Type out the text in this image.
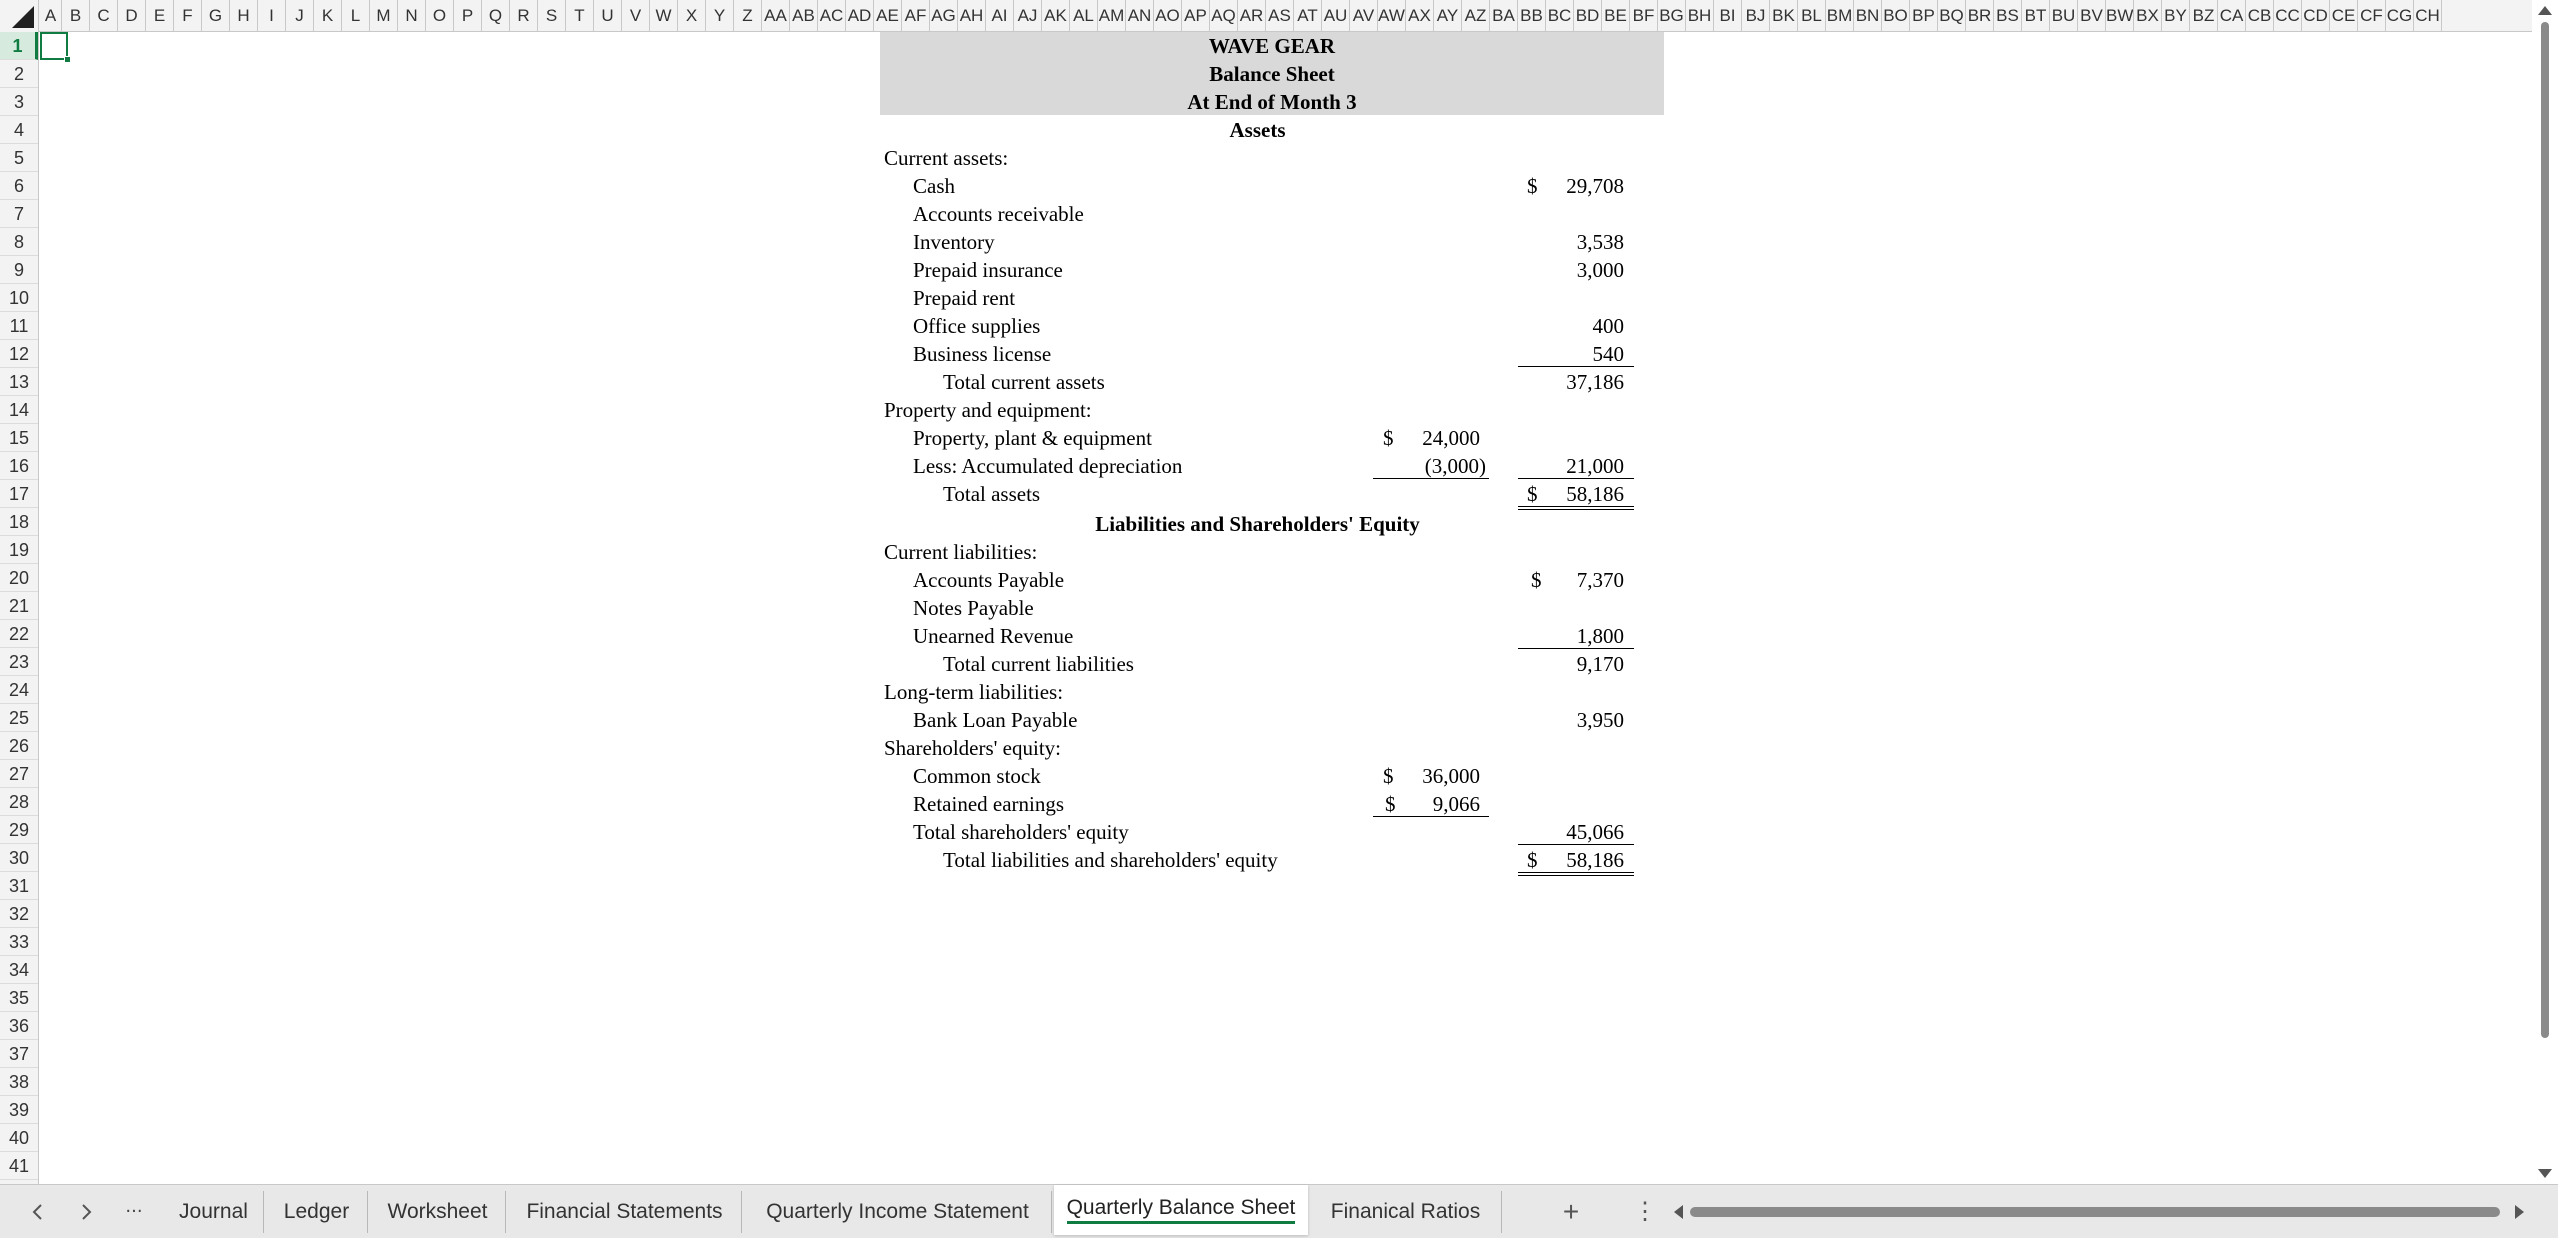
A B C D E	F G H	I	J	K	L M N O P Q R S	T U V W X Y	Z AA AB AC AD AE AF AG AH AI AJ AK AL AM AN AO AP AQ AR AS AT AU AV AW AX AY AZ BA BB BC BD BE BF BG BH BI BJ BK BL BM BN BO BP BQ BR BS BT BU BV BW BX BY BZ CA CB CC CD CE CF CG CH
1
2
3
4
5
6
7
8
9
10
11
12
13
14
15
16
17
18
19
20
21
22
23
24
25
26
27
28
29
30
31
32
33
34
35
36
37
38
39
40
41
WAVE GEAR
Balance Sheet
At End of Month 3
Assets
Current assets:
Cash	$	29,708
Accounts receivable
Inventory	3,538
Prepaid insurance	3,000
Prepaid rent
Office supplies	400
Business license	540
Total current assets	37,186
Property and equipment:
Property, plant & equipment	$	24,000
Less: Accumulated depreciation	(3,000)	21,000
Total assets	$	58,186
Liabilities and Shareholders' Equity
Current liabilities:
Accounts Payable	$	7,370
Notes Payable
Unearned Revenue	1,800
Total current liabilities	9,170
Long-term liabilities:
Bank Loan Payable	3,950
Shareholders' equity:
Common stock	$	36,000
Retained earnings	$	9,066
Total shareholders' equity	45,066
Total liabilities and shareholders' equity	$	58,186
···	Journal	Ledger	Worksheet	Financial Statements	Quarterly Income Statement	Quarterly Balance Sheet	Finanical Ratios	+	⋮
